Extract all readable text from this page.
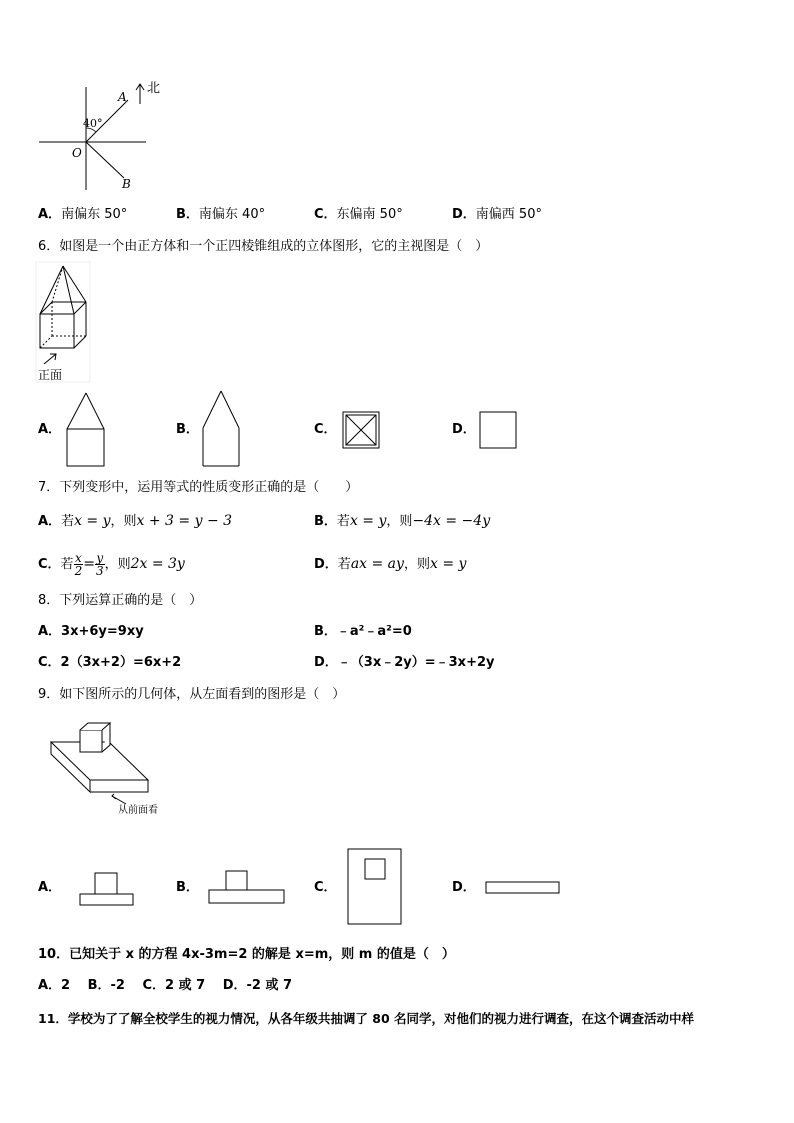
北
40°
A
B
O
A．南偏东 50°	B．南偏东 40°	C．东偏南 50°	D．南偏西 50°
6．如图是一个由正方体和一个正四棱锥组成的立体图形，它的主视图是（　）
正面
A．	B．	C．	D．
7．下列变形中，运用等式的性质变形正确的是（　　）
A．若x = y，则x + 3 = y − 3	B．若x = y，则−4x = −4y
C．若 $\frac{x}{2} = \frac{y}{3}$ ，则2x = 3y	D．若ax = ay，则x = y
8．下列运算正确的是（　）
A．3x+6y=9xy	B．﹣a²﹣a²=0
C．2（3x+2）=6x+2	D．﹣（3x﹣2y）=﹣3x+2y
9．如下图所示的几何体，从左面看到的图形是（　）
从前面看
A．	B．	C．	D．
10．已知关于 x 的方程 4x-3m=2 的解是 x=m，则 m 的值是（　）
A．2　 B．-2　 C．2 或 7　 D．-2 或 7
11．学校为了了解全校学生的视力情况，从各年级共抽调了 80 名同学，对他们的视力进行调查，在这个调查活动中样
